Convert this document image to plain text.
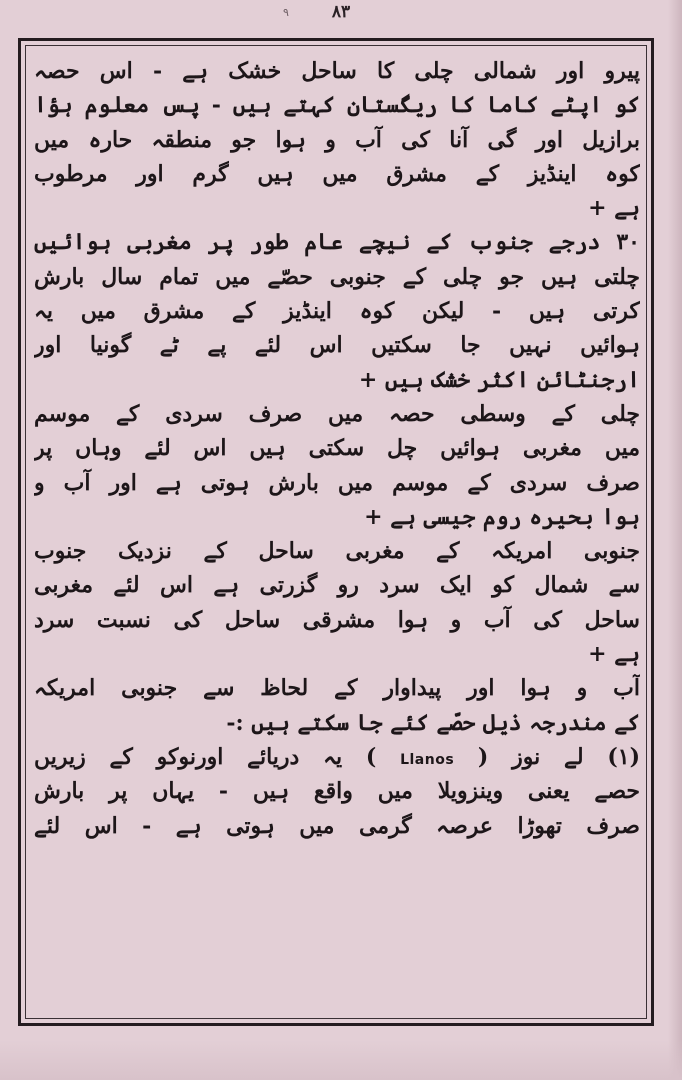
۹	٨٣
پیرو اور شمالی چلی کا ساحل خشک ہے - اس حصہ
کو اپٹے کاما کا ریگستان کہتے ہیں - پس معلوم ہؤا
برازیل اور گی آنا کی آب و ہوا جو منطقہ حارہ میں
کوہ اینڈیز کے مشرق میں ہیں گرم اور مرطوب
ہے +
۳۰ درجے جنوب کے نیچے عام طور پر مغربی ہوائیں
چلتی ہیں جو چلی کے جنوبی حصّے میں تمام سال بارش
کرتی ہیں - لیکن کوہ اینڈیز کے مشرق میں یہ
ہوائیں نہیں جا سکتیں اس لئے پے ٹے گونیا اور
ارجنٹائن اکثر خشک ہیں +
چلی کے وسطی حصہ میں صرف سردی کے موسم
میں مغربی ہوائیں چل سکتی ہیں اس لئے وہاں پر
صرف سردی کے موسم میں بارش ہوتی ہے اور آب و
ہوا بحیرہ روم جیسی ہے +
جنوبی امریکہ کے مغربی ساحل کے نزدیک جنوب
سے شمال کو ایک سرد رو گزرتی ہے اس لئے مغربی
ساحل کی آب و ہوا مشرقی ساحل کی نسبت سرد
ہے +
آب و ہوا اور پیداوار کے لحاظ سے جنوبی امریکہ
کے مندرجہ ذیل حصّے کئے جا سکتے ہیں :-
(۱) لے نوز ( Llanos ) یہ دریائے اورنوکو کے زیریں
حصے یعنی وینزویلا میں واقع ہیں - یہاں پر بارش
صرف تھوڑا عرصہ گرمی میں ہوتی ہے - اس لئے
